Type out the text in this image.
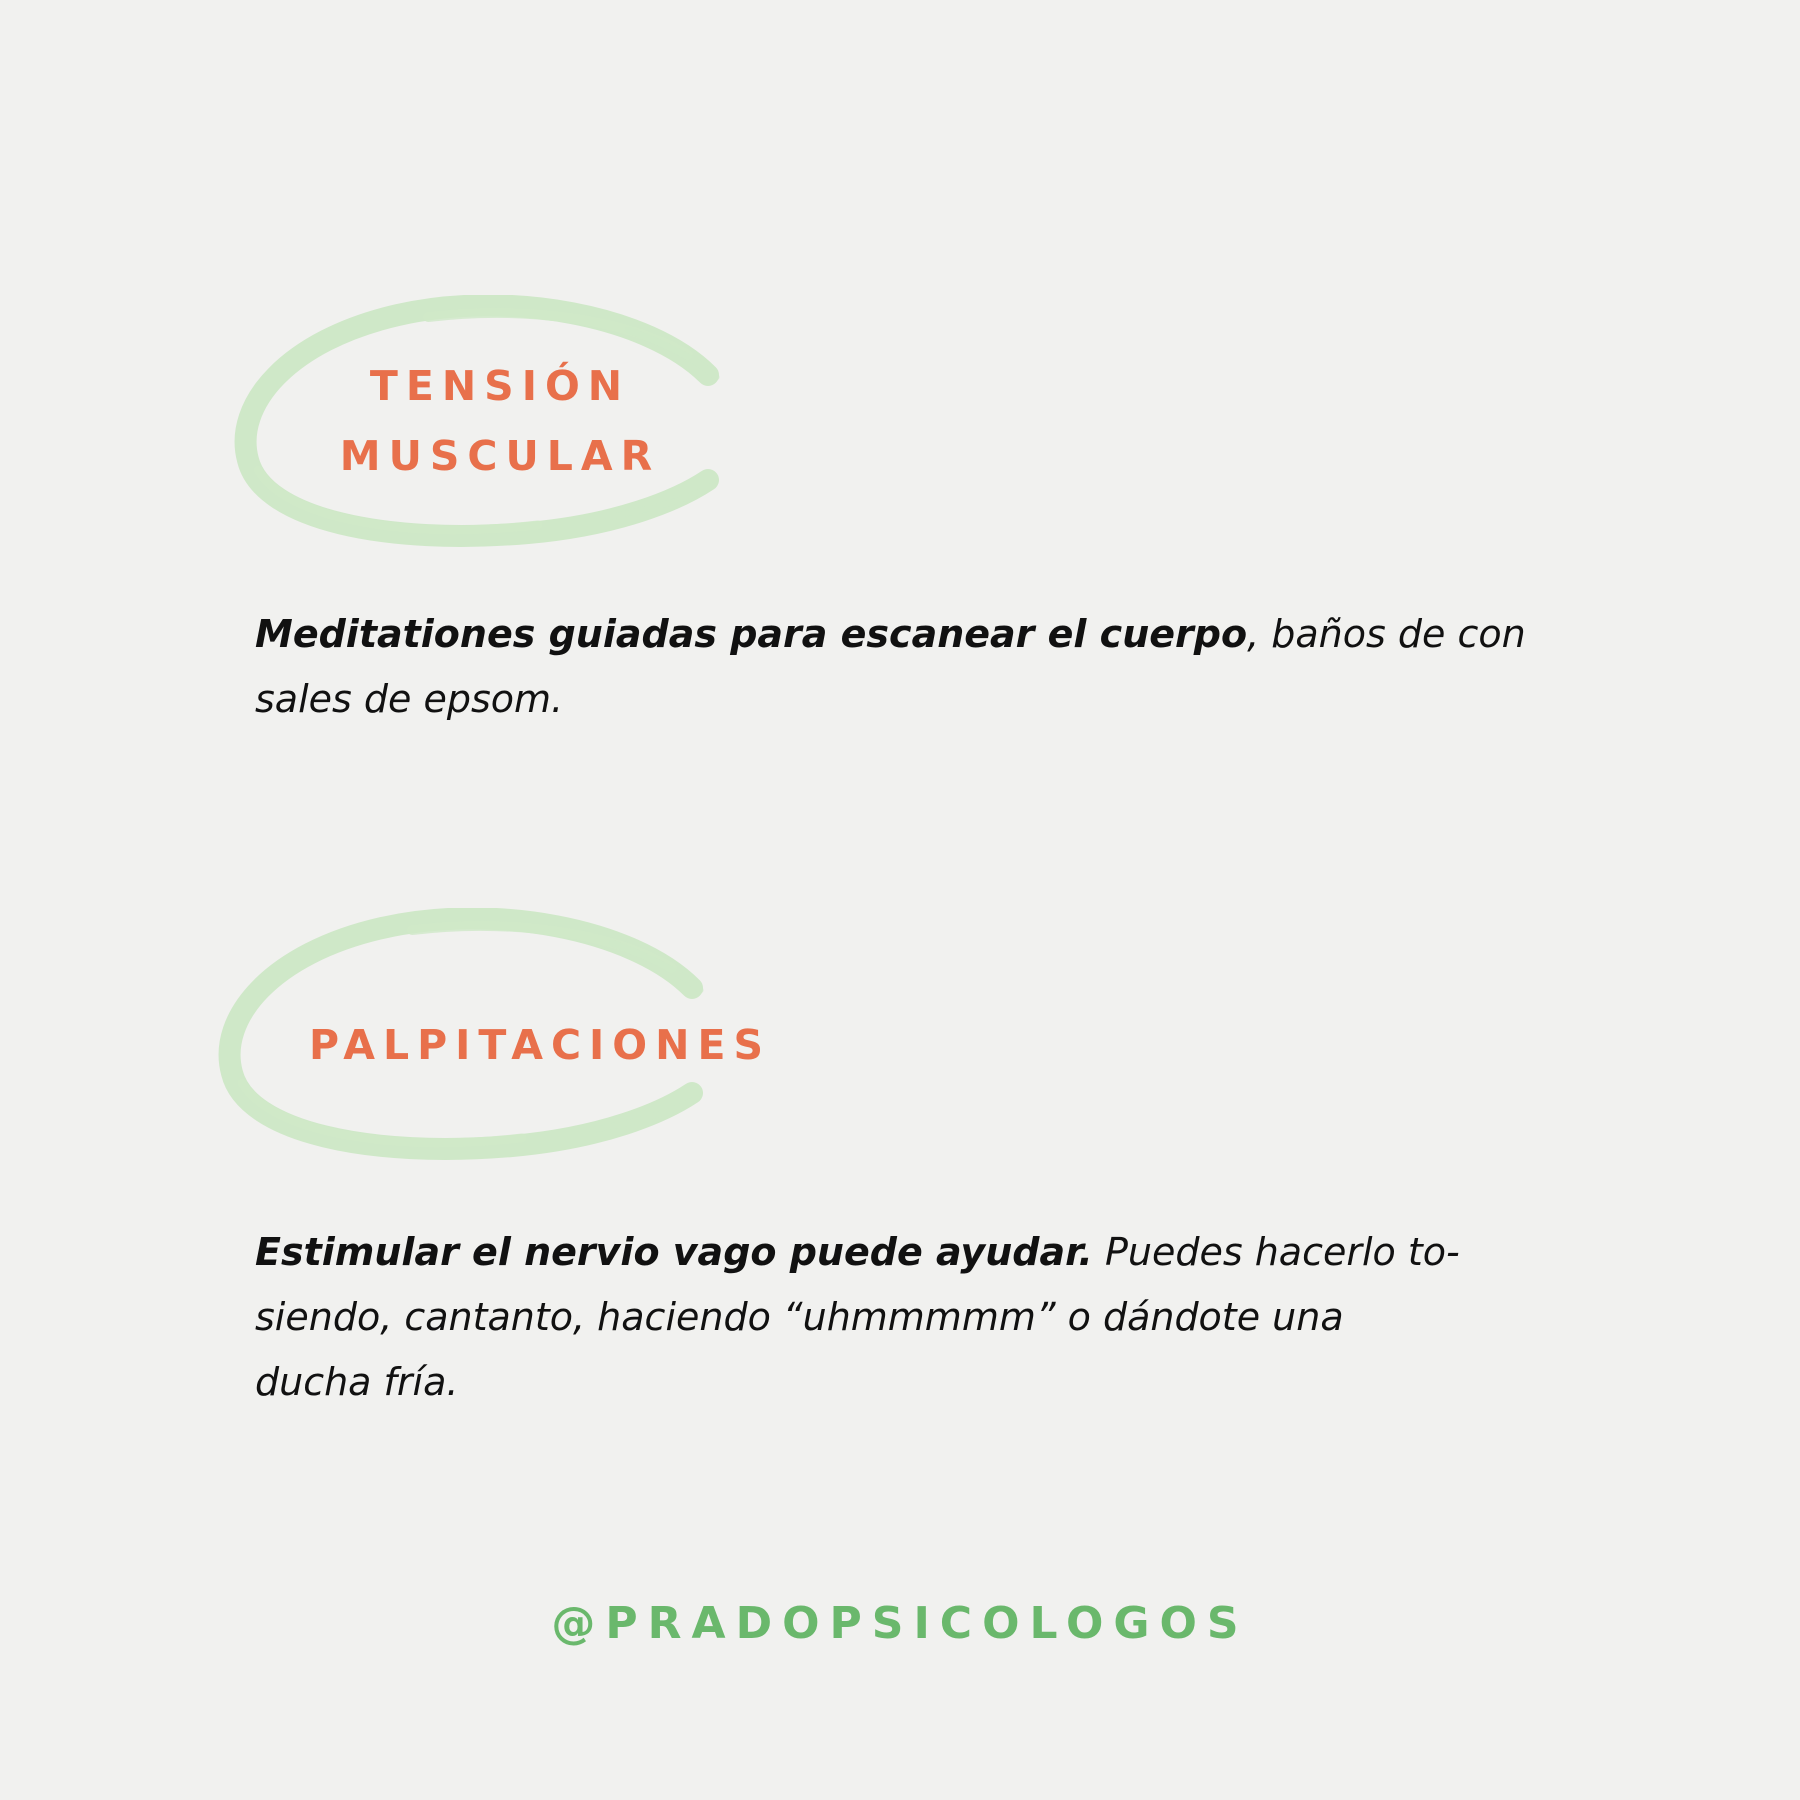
TENSIÓN
MUSCULAR
Meditationes guiadas para escanear el cuerpo, baños de con
sales de epsom.
PALPITACIONES
Estimular el nervio vago puede ayudar. Puedes hacerlo to-
siendo, cantanto, haciendo “uhmmmmm” o dándote una
ducha fría.
@PRADOPSICOLOGOS
